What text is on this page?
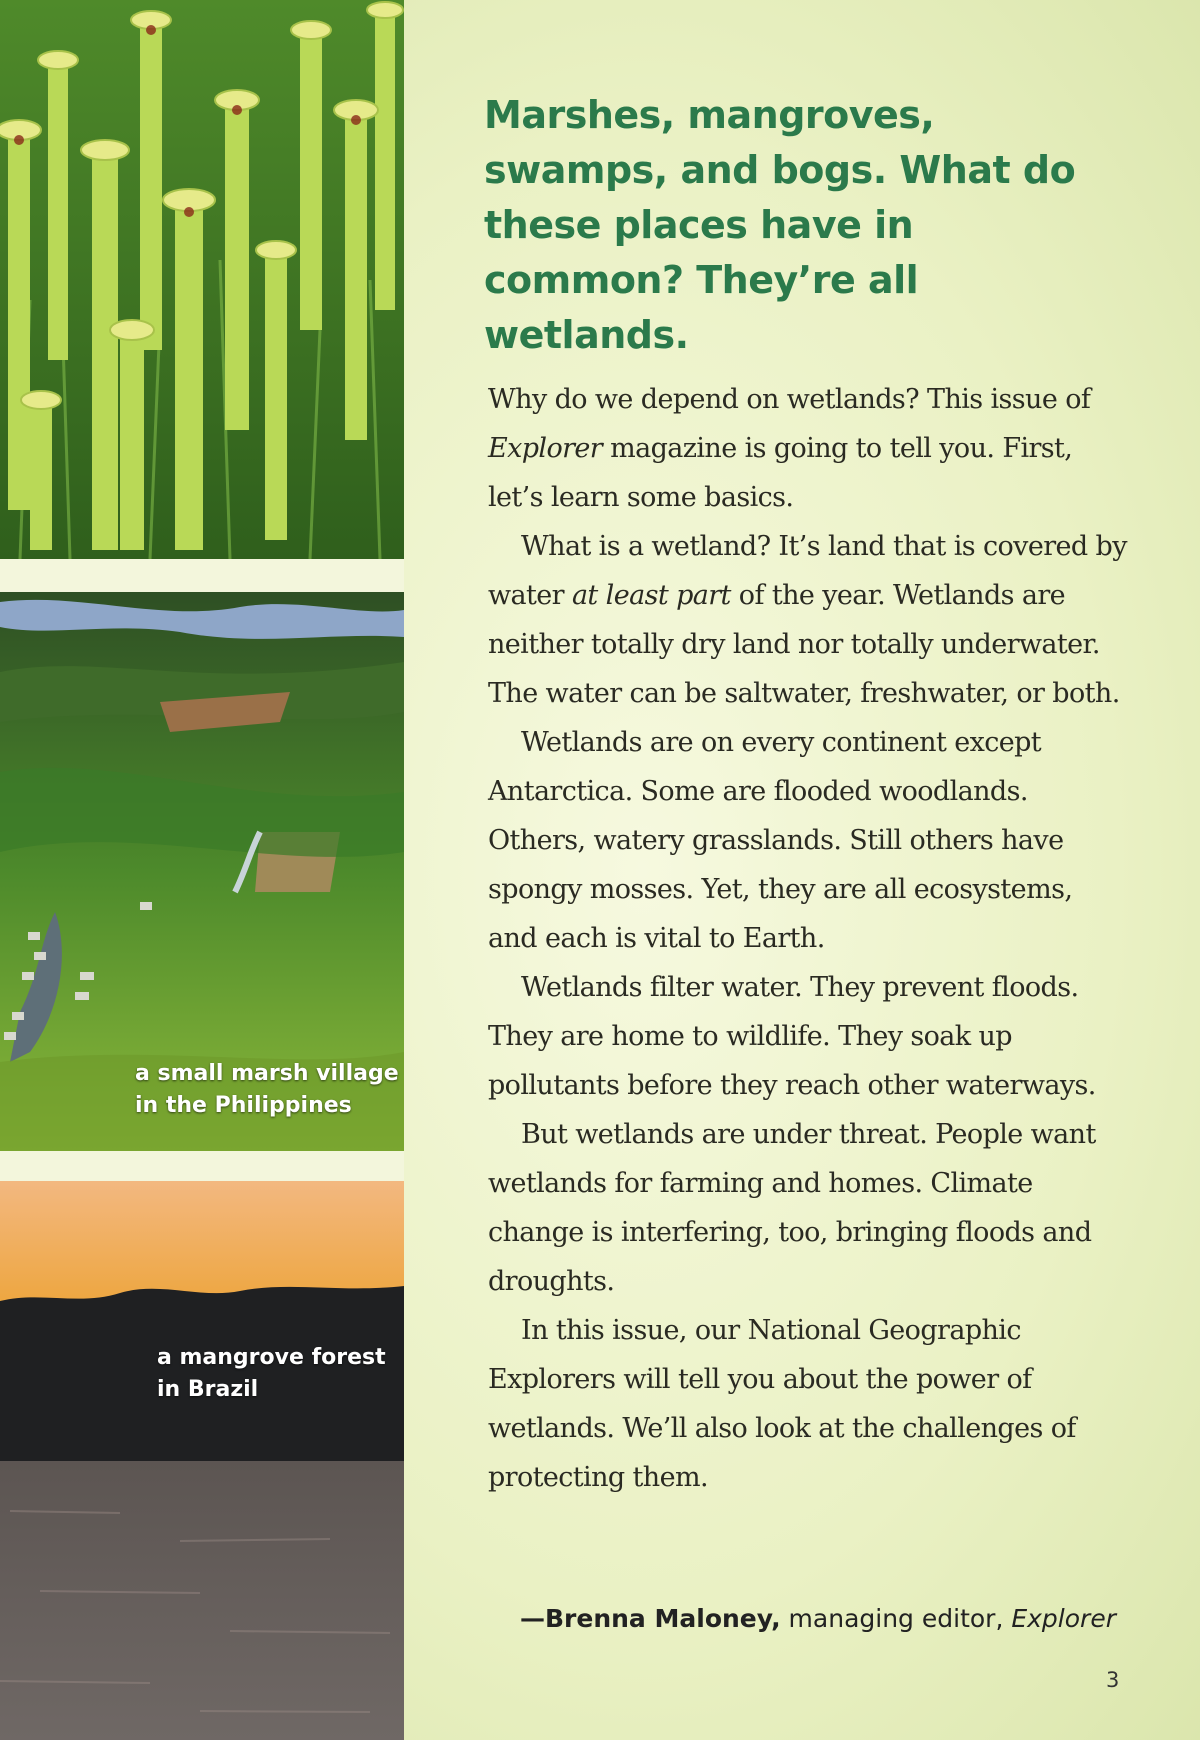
a small marsh village
in the Philippines
a mangrove forest
in Brazil
Marshes, mangroves, swamps, and bogs. What do these places have in common? They’re all wetlands.

Why do we depend on wetlands? This issue of Explorer magazine is going to tell you. First, let’s learn some basics.

What is a wetland? It’s land that is covered by water at least part of the year. Wetlands are neither totally dry land nor totally underwater. The water can be saltwater, freshwater, or both.

Wetlands are on every continent except Antarctica. Some are flooded woodlands. Others, watery grasslands. Still others have spongy mosses. Yet, they are all ecosystems, and each is vital to Earth.

Wetlands filter water. They prevent floods. They are home to wildlife. They soak up pollutants before they reach other waterways.

But wetlands are under threat. People want wetlands for farming and homes. Climate change is interfering, too, bringing floods and droughts.

In this issue, our National Geographic Explorers will tell you about the power of wetlands. We’ll also look at the challenges of protecting them.

—Brenna Maloney, managing editor, Explorer
3
